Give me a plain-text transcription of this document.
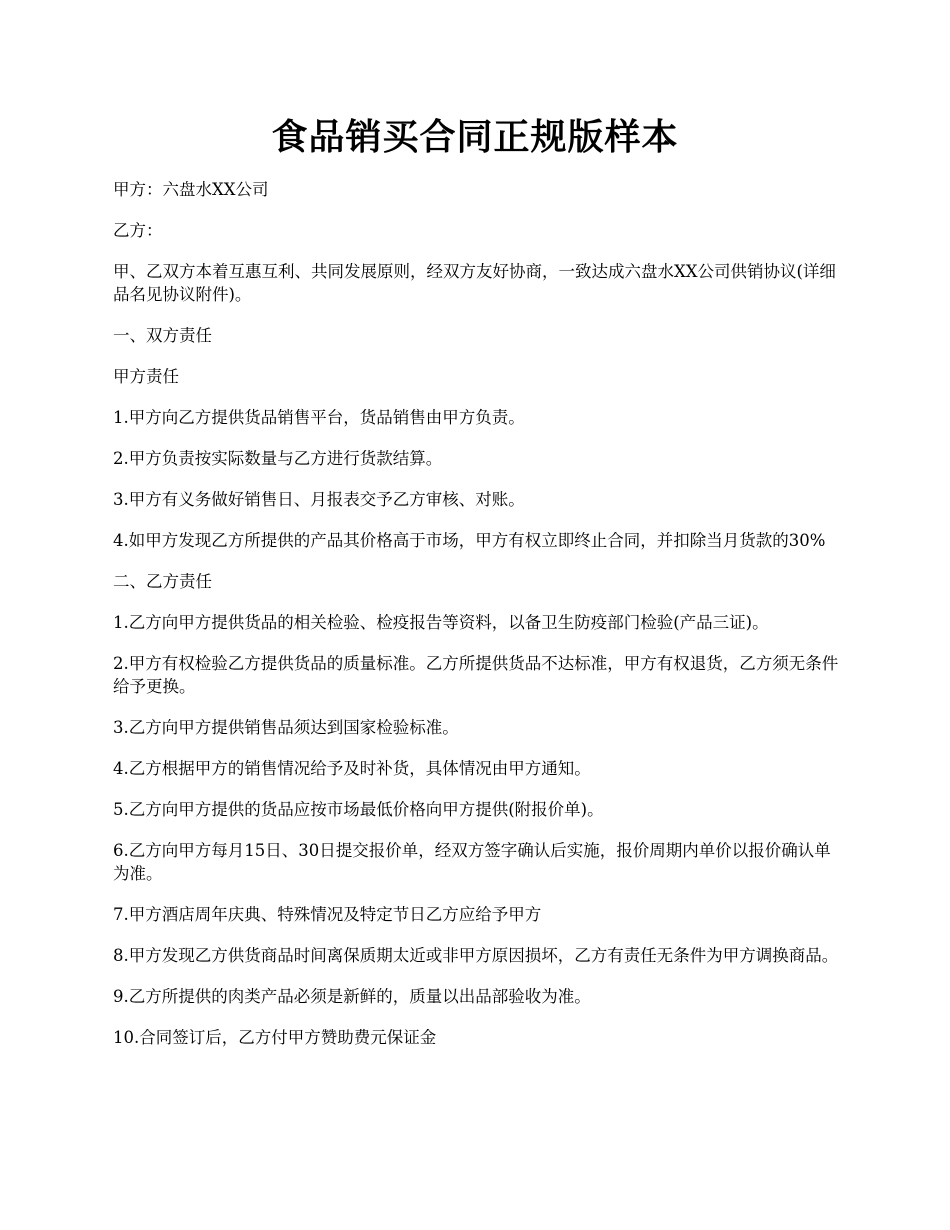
食品销买合同正规版样本

甲方：六盘水XX公司

乙方：

甲、乙双方本着互惠互利、共同发展原则，经双方友好协商，一致达成六盘水XX公司供销协议(详细品名见协议附件)。

一、双方责任

甲方责任

1.甲方向乙方提供货品销售平台，货品销售由甲方负责。

2.甲方负责按实际数量与乙方进行货款结算。

3.甲方有义务做好销售日、月报表交予乙方审核、对账。

4.如甲方发现乙方所提供的产品其价格高于市场，甲方有权立即终止合同，并扣除当月货款的30%

二、乙方责任

1.乙方向甲方提供货品的相关检验、检疫报告等资料，以备卫生防疫部门检验(产品三证)。

2.甲方有权检验乙方提供货品的质量标准。乙方所提供货品不达标准，甲方有权退货，乙方须无条件给予更换。

3.乙方向甲方提供销售品须达到国家检验标准。

4.乙方根据甲方的销售情况给予及时补货，具体情况由甲方通知。

5.乙方向甲方提供的货品应按市场最低价格向甲方提供(附报价单)。

6.乙方向甲方每月15日、30日提交报价单，经双方签字确认后实施，报价周期内单价以报价确认单为准。

7.甲方酒店周年庆典、特殊情况及特定节日乙方应给予甲方

8.甲方发现乙方供货商品时间离保质期太近或非甲方原因损坏，乙方有责任无条件为甲方调换商品。

9.乙方所提供的肉类产品必须是新鲜的，质量以出品部验收为准。

10.合同签订后，乙方付甲方赞助费元保证金
